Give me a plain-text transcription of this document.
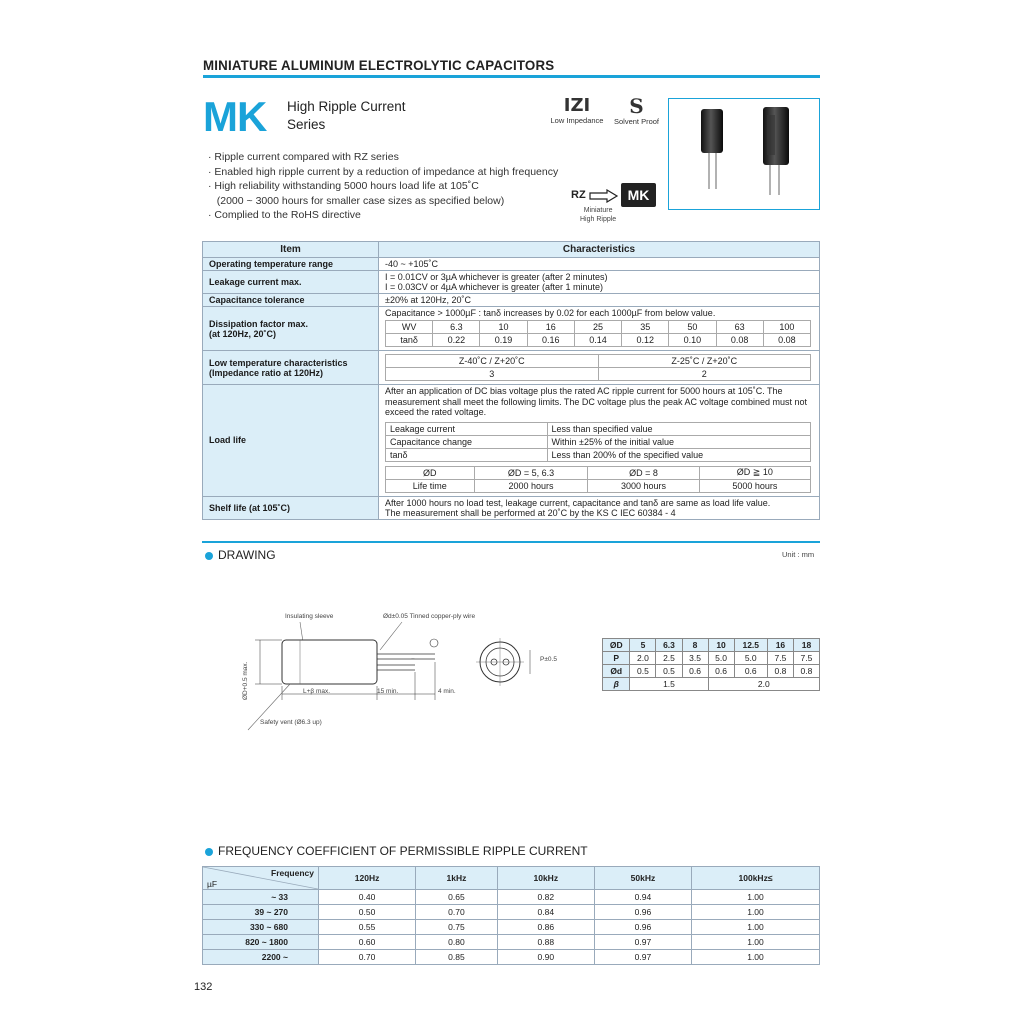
MINIATURE ALUMINUM ELECTROLYTIC CAPACITORS
MK High Ripple Current
Series
IZI
Low Impedance
S
Solvent Proof
· Ripple current compared with RZ series
· Enabled high ripple current by a reduction of impedance at high frequency
· High reliability withstanding 5000 hours load life at 105˚C
(2000 ~ 3000 hours for smaller case sizes as specified below)
· Complied to the RoHS directive
RZ	MK
Miniature
High Ripple
Item	Characteristics
Operating temperature range	-40 ~ +105˚C
Leakage current max.	I = 0.01CV or 3µA whichever is greater (after 2 minutes)
I = 0.03CV or 4µA whichever is greater (after 1 minute)

Capacitance tolerance	±20% at 120Hz, 20˚C

Dissipation factor max.
(at 120Hz, 20˚C)

Capacitance > 1000µF : tanδ increases by 0.02 for each 1000µF from below value.
WV	6.3	10	16	25	35	50	63	100
tanδ	0.22	0.19	0.16	0.14	0.12	0.10	0.08	0.08

Low temperature characteristics
(Impedance ratio at 120Hz)

Z-40˚C / Z+20˚C	Z-25˚C / Z+20˚C
3	2

Load life	
After an application of DC bias voltage plus the rated AC ripple current for 5000 hours at 105˚C. The measurement shall meet the following limits. The DC voltage plus the peak AC voltage combined must not exceed the rated voltage.
Leakage current	Less than specified value
Capacitance change	Within ±25% of the initial value
tanδ	Less than 200% of the specified value
ØD	ØD = 5, 6.3	ØD = 8	ØD ≧ 10
Life time	2000 hours	3000 hours	5000 hours

Shelf life (at 105˚C)	After 1000 hours no load test, leakage current, capacitance and tanδ are same as load life value.
The measurement shall be performed at 20˚C by the KS C IEC 60384 - 4
DRAWING	Unit : mm
Insulating sleeve	Ød±0.05 Tinned copper-ply wire
ØD+0.5 max.	L+β max.	15 min.	4 min.
Safety vent (Ø6.3 up)
P±0.5
−
ØD	5	6.3	8	10	12.5	16	18
P	2.0	2.5	3.5	5.0	5.0	7.5	7.5
Ød	0.5	0.5	0.6	0.6	0.6	0.8	0.8
β	1.5			2.0			
FREQUENCY COEFFICIENT OF PERMISSIBLE RIPPLE CURRENT
Frequency
µF	120Hz	1kHz	10kHz	50kHz	100kHz≤
~ 33	0.40	0.65	0.82	0.94	1.00
39 ~ 270	0.50	0.70	0.84	0.96	1.00
330 ~ 680	0.55	0.75	0.86	0.96	1.00
820 ~ 1800	0.60	0.80	0.88	0.97	1.00
2200 ~	0.70	0.85	0.90	0.97	1.00
132
